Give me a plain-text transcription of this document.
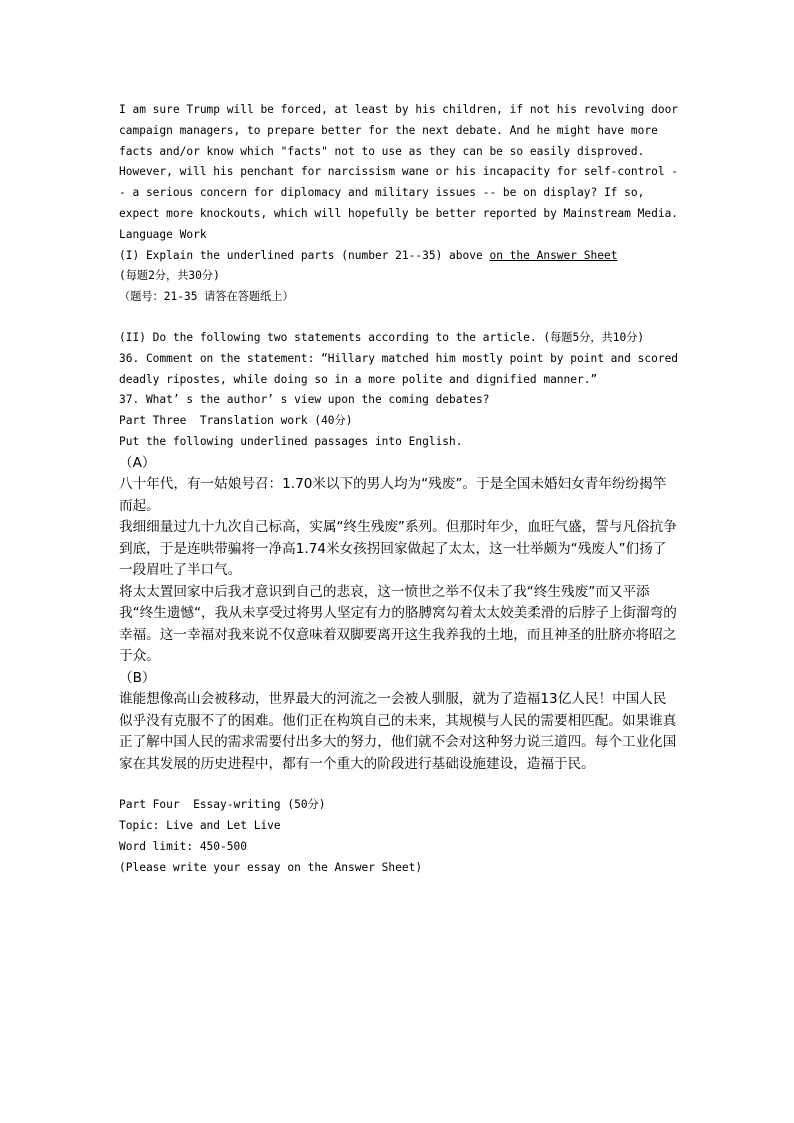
I am sure Trump will be forced, at least by his children, if not his revolving door campaign managers, to prepare better for the next debate. And he might have more facts and/or know which "facts" not to use as they can be so easily disproved. However, will his penchant for narcissism wane or his incapacity for self-control -- a serious concern for diplomacy and military issues -- be on display? If so, expect more knockouts, which will hopefully be better reported by Mainstream Media.

Language Work

(I) Explain the underlined parts (number 21--35) above on the Answer Sheet

(每题2分，共30分)

（题号：21-35 请答在答题纸上）

(II) Do the following two statements according to the article. (每题5分，共10分)

36. Comment on the statement: “Hillary matched him mostly point by point and scored deadly ripostes, while doing so in a more polite and dignified manner.”

37. What’ s the author’ s view upon the coming debates?

Part Three  Translation work (40分)

Put the following underlined passages into English.

（A）

八十年代，有一姑娘号召：1.70米以下的男人均为“残废”。于是全国未婚妇女青年纷纷揭竿而起。

我细细量过九十九次自己标高，实属“终生残废”系列。但那时年少，血旺气盛，誓与凡俗抗争到底，于是连哄带骗将一净高1.74米女孩拐回家做起了太太，这一壮举颇为“残废人”们扬了一段眉吐了半口气。

将太太置回家中后我才意识到自己的悲哀，这一愤世之举不仅未了我“终生残废”而又平添我“终生遗憾“，我从未享受过将男人坚定有力的胳膊窝勾着太太姣美柔滑的后脖子上街溜弯的幸福。这一幸福对我来说不仅意味着双脚要离开这生我养我的土地，而且神圣的肚脐亦将昭之于众。

（B）

谁能想像高山会被移动，世界最大的河流之一会被人驯服，就为了造福13亿人民！中国人民似乎没有克服不了的困难。他们正在构筑自己的未来，其规模与人民的需要相匹配。如果谁真正了解中国人民的需求需要付出多大的努力，他们就不会对这种努力说三道四。每个工业化国家在其发展的历史进程中，都有一个重大的阶段进行基础设施建设，造福于民。

Part Four  Essay-writing (50分)

Topic: Live and Let Live

Word limit: 450-500

(Please write your essay on the Answer Sheet)
